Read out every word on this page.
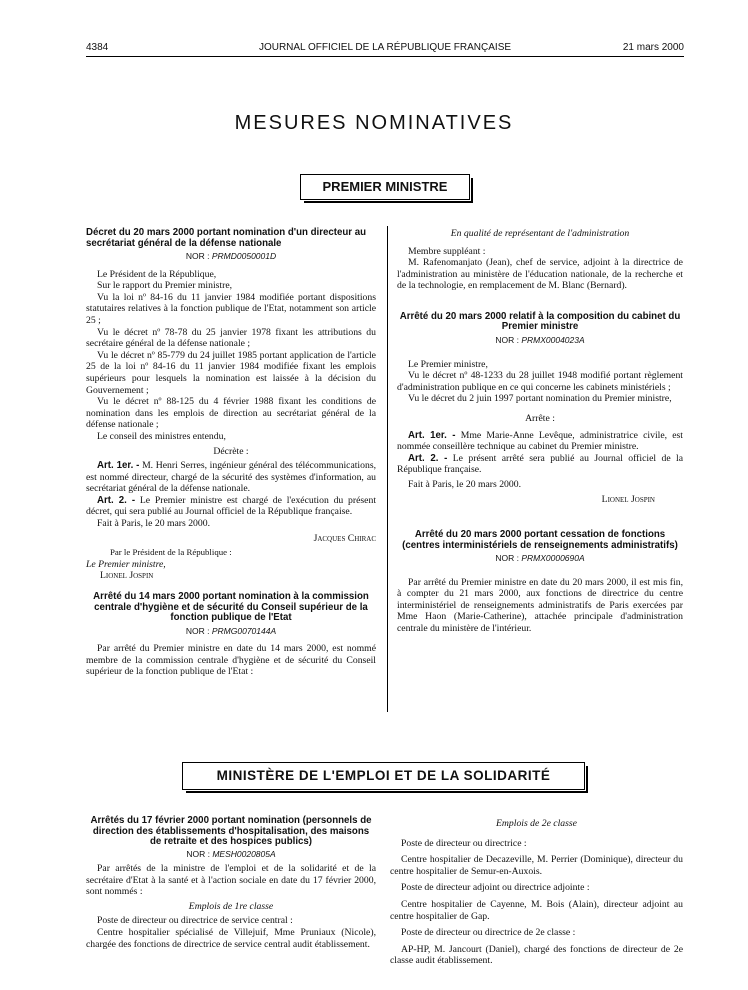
4384	JOURNAL OFFICIEL DE LA RÉPUBLIQUE FRANÇAISE	21 mars 2000
MESURES NOMINATIVES
PREMIER MINISTRE
Décret du 20 mars 2000 portant nomination d'un directeur au secrétariat général de la défense nationale
NOR : PRMD0050001D

Le Président de la République,

Sur le rapport du Premier ministre,

Vu la loi nº 84-16 du 11 janvier 1984 modifiée portant dispositions statutaires relatives à la fonction publique de l'Etat, notamment son article 25 ;

Vu le décret nº 78-78 du 25 janvier 1978 fixant les attributions du secrétaire général de la défense nationale ;

Vu le décret nº 85-779 du 24 juillet 1985 portant application de l'article 25 de la loi nº 84-16 du 11 janvier 1984 modifiée fixant les emplois supérieurs pour lesquels la nomination est laissée à la décision du Gouvernement ;

Vu le décret nº 88-125 du 4 février 1988 fixant les conditions de nomination dans les emplois de direction au secrétariat général de la défense nationale ;

Le conseil des ministres entendu,

Décrète :

Art. 1er. - M. Henri Serres, ingénieur général des télécommunications, est nommé directeur, chargé de la sécurité des systèmes d'information, au secrétariat général de la défense nationale.

Art. 2. - Le Premier ministre est chargé de l'exécution du présent décret, qui sera publié au Journal officiel de la République française.

Fait à Paris, le 20 mars 2000.

Jacques Chirac

Par le Président de la République :

Le Premier ministre,

Lionel Jospin

Arrêté du 14 mars 2000 portant nomination à la commission centrale d'hygiène et de sécurité du Conseil supérieur de la fonction publique de l'Etat
NOR : PRMG0070144A

Par arrêté du Premier ministre en date du 14 mars 2000, est nommé membre de la commission centrale d'hygiène et de sécurité du Conseil supérieur de la fonction publique de l'Etat :

En qualité de représentant de l'administration

Membre suppléant :

M. Rafenomanjato (Jean), chef de service, adjoint à la directrice de l'administration au ministère de l'éducation nationale, de la recherche et de la technologie, en remplacement de M. Blanc (Bernard).

Arrêté du 20 mars 2000 relatif à la composition du cabinet du Premier ministre
NOR : PRMX0004023A

Le Premier ministre,

Vu le décret nº 48-1233 du 28 juillet 1948 modifié portant règlement d'administration publique en ce qui concerne les cabinets ministériels ;

Vu le décret du 2 juin 1997 portant nomination du Premier ministre,

Arrête :

Art. 1er. - Mme Marie-Anne Levêque, administratrice civile, est nommée conseillère technique au cabinet du Premier ministre.

Art. 2. - Le présent arrêté sera publié au Journal officiel de la République française.

Fait à Paris, le 20 mars 2000.

Lionel Jospin
Arrêté du 20 mars 2000 portant cessation de fonctions (centres interministériels de renseignements administratifs)
NOR : PRMX0000690A

Par arrêté du Premier ministre en date du 20 mars 2000, il est mis fin, à compter du 21 mars 2000, aux fonctions de directrice du centre interministériel de renseignements administratifs de Paris exercées par Mme Haon (Marie-Catherine), attachée principale d'administration centrale du ministère de l'intérieur.

MINISTÈRE DE L'EMPLOI ET DE LA SOLIDARITÉ
Arrêtés du 17 février 2000 portant nomination (personnels de direction des établissements d'hospitalisation, des maisons de retraite et des hospices publics)
NOR : MESH0020805A

Par arrêtés de la ministre de l'emploi et de la solidarité et de la secrétaire d'Etat à la santé et à l'action sociale en date du 17 février 2000, sont nommés :

Emplois de 1re classe

Poste de directeur ou directrice de service central :

Centre hospitalier spécialisé de Villejuif, Mme Pruniaux (Nicole), chargée des fonctions de directrice de service central audit établissement.

Emplois de 2e classe

Poste de directeur ou directrice :

Centre hospitalier de Decazeville, M. Perrier (Dominique), directeur du centre hospitalier de Semur-en-Auxois.

Poste de directeur adjoint ou directrice adjointe :

Centre hospitalier de Cayenne, M. Bois (Alain), directeur adjoint au centre hospitalier de Gap.

Poste de directeur ou directrice de 2e classe :

AP-HP, M. Jancourt (Daniel), chargé des fonctions de directeur de 2e classe audit établissement.
